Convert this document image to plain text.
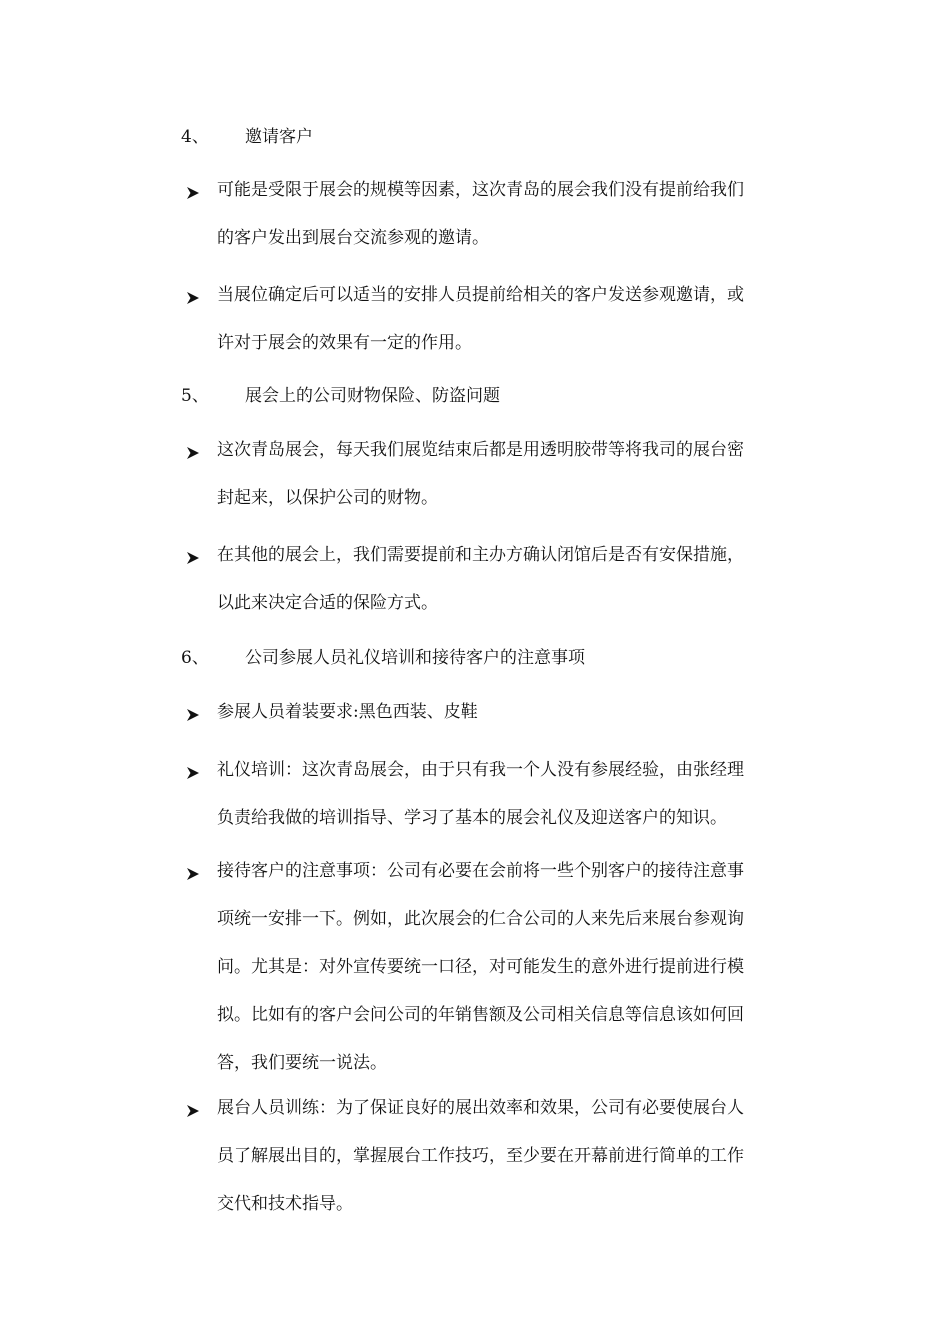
4、 邀请客户
可能是受限于展会的规模等因素，这次青岛的展会我们没有提前给我们
的客户发出到展台交流参观的邀请。
当展位确定后可以适当的安排人员提前给相关的客户发送参观邀请，或
许对于展会的效果有一定的作用。
5、 展会上的公司财物保险、防盗问题
这次青岛展会，每天我们展览结束后都是用透明胶带等将我司的展台密
封起来，以保护公司的财物。
在其他的展会上，我们需要提前和主办方确认闭馆后是否有安保措施，
以此来决定合适的保险方式。
6、 公司参展人员礼仪培训和接待客户的注意事项
参展人员着装要求:黑色西装、皮鞋
礼仪培训：这次青岛展会，由于只有我一个人没有参展经验，由张经理
负责给我做的培训指导、学习了基本的展会礼仪及迎送客户的知识。
接待客户的注意事项：公司有必要在会前将一些个别客户的接待注意事
项统一安排一下。例如，此次展会的仁合公司的人来先后来展台参观询
问。尤其是：对外宣传要统一口径，对可能发生的意外进行提前进行模
拟。比如有的客户会问公司的年销售额及公司相关信息等信息该如何回
答，我们要统一说法。
展台人员训练：为了保证良好的展出效率和效果，公司有必要使展台人
员了解展出目的，掌握展台工作技巧，至少要在开幕前进行简单的工作
交代和技术指导。
